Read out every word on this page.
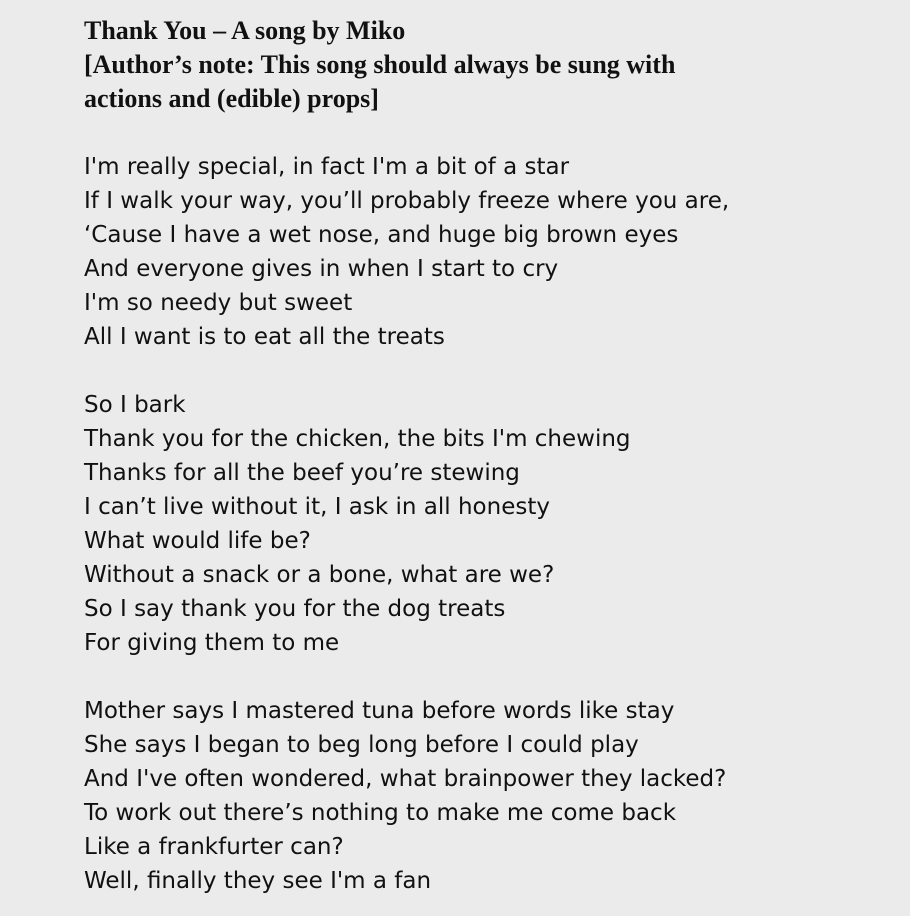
Thank You – A song by Miko
[Author’s note: This song should always be sung with
actions and (edible) props]
I'm really special, in fact I'm a bit of a star
If I walk your way, you’ll probably freeze where you are,
‘Cause I have a wet nose, and huge big brown eyes
And everyone gives in when I start to cry
I'm so needy but sweet
All I want is to eat all the treats
So I bark
Thank you for the chicken, the bits I'm chewing
Thanks for all the beef you’re stewing
I can’t live without it, I ask in all honesty
What would life be?
Without a snack or a bone, what are we?
So I say thank you for the dog treats
For giving them to me
Mother says I mastered tuna before words like stay
She says I began to beg long before I could play
And I've often wondered, what brainpower they lacked?
To work out there’s nothing to make me come back
Like a frankfurter can?
Well, finally they see I'm a fan
